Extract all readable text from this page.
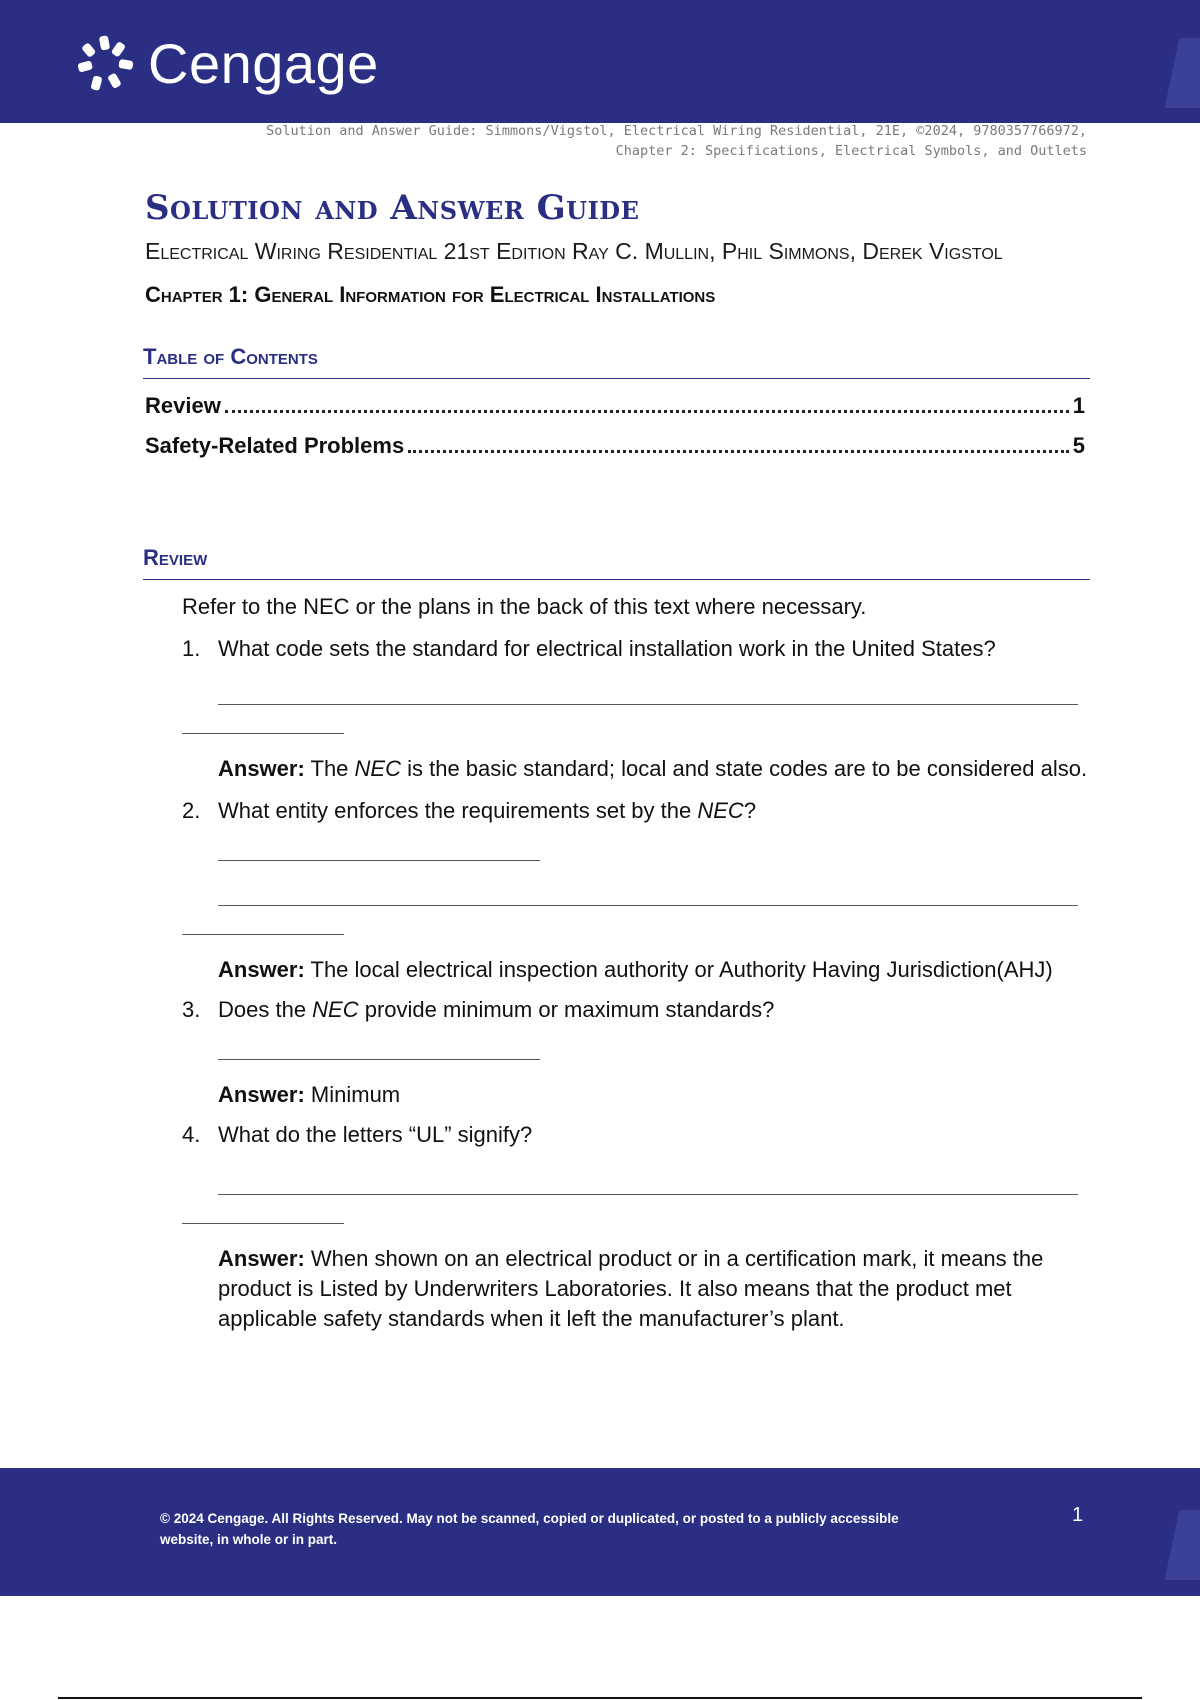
Cengage
Solution and Answer Guide: Simmons/Vigstol, Electrical Wiring Residential, 21E, ©2024, 9780357766972,
Chapter 2: Specifications, Electrical Symbols, and Outlets
Solution and Answer Guide
Electrical Wiring Residential 21st Edition Ray C. Mullin, Phil Simmons, Derek Vigstol
Chapter 1: General Information for Electrical Installations
Table of Contents
Review	1
Safety-Related Problems	5
Review
Refer to the NEC or the plans in the back of this text where necessary.
1. What code sets the standard for electrical installation work in the United States?
Answer: The NEC is the basic standard; local and state codes are to be considered also.
2. What entity enforces the requirements set by the NEC?
Answer: The local electrical inspection authority or Authority Having Jurisdiction(AHJ)
3. Does the NEC provide minimum or maximum standards?
Answer: Minimum
4. What do the letters “UL” signify?
Answer: When shown on an electrical product or in a certification mark, it means the product is Listed by Underwriters Laboratories. It also means that the product met applicable safety standards when it left the manufacturer’s plant.
© 2024 Cengage. All Rights Reserved. May not be scanned, copied or duplicated, or posted to a publicly accessible website, in whole or in part.
1
